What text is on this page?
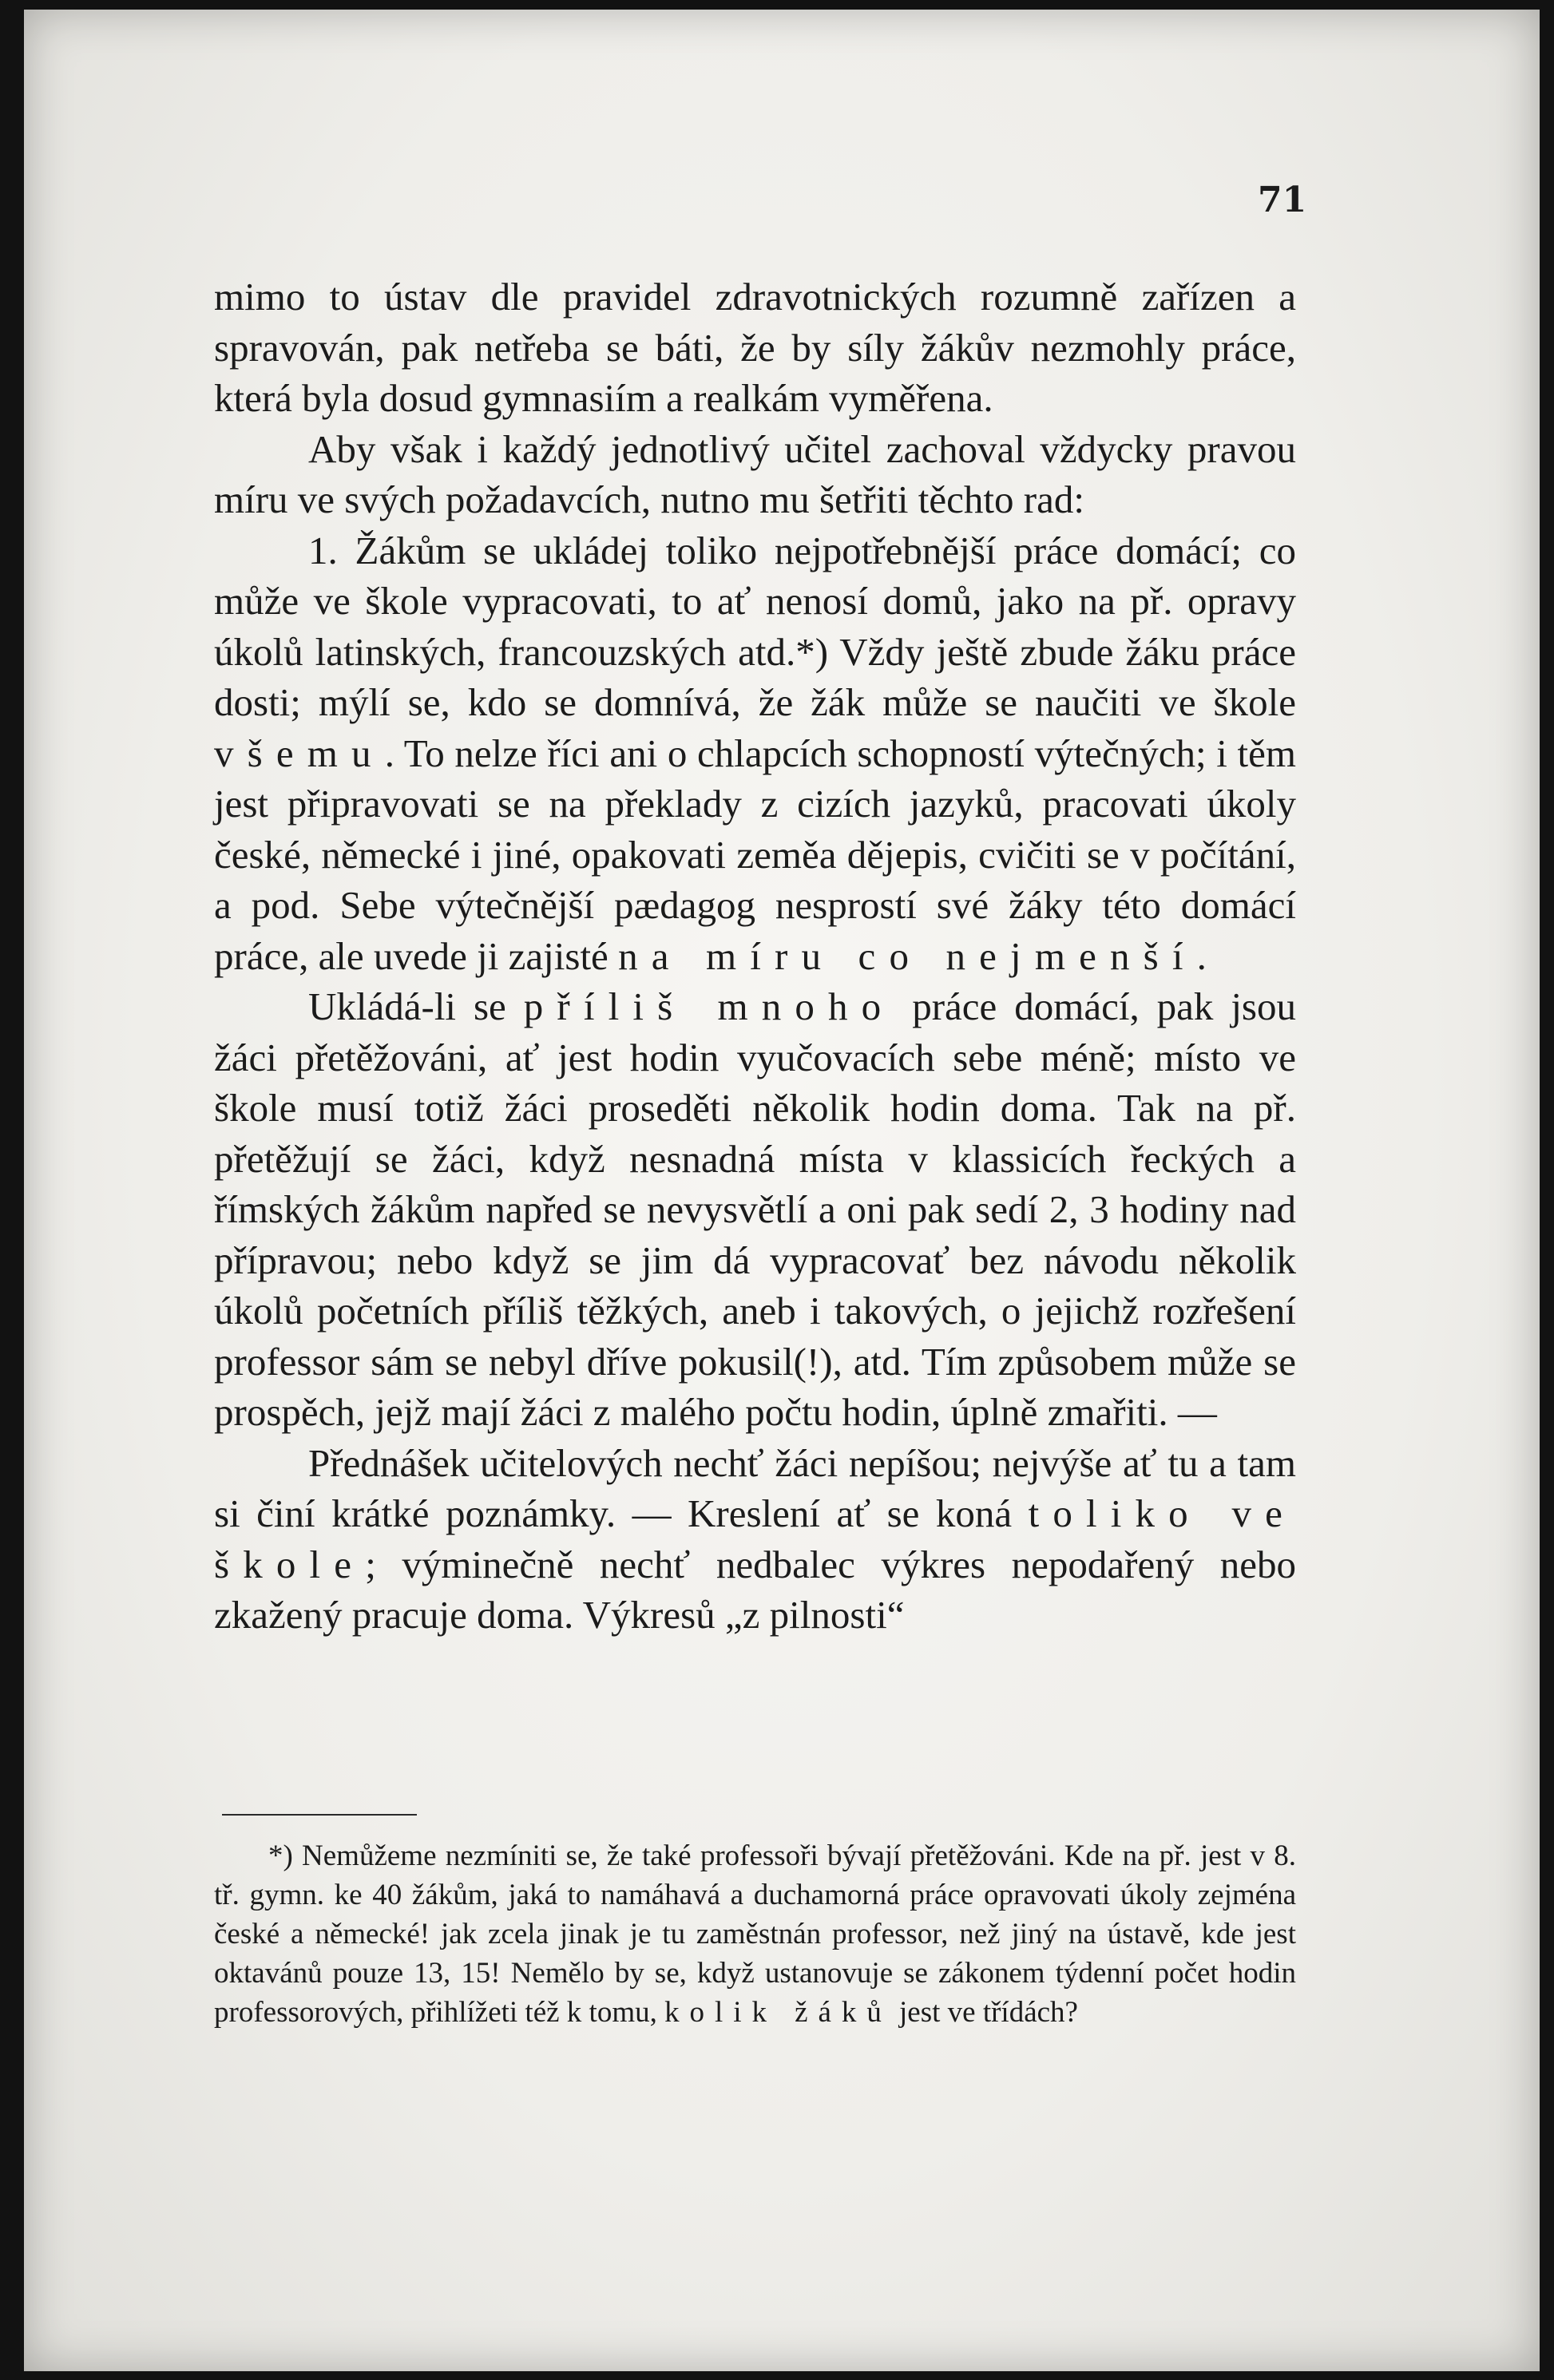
71

mimo to ústav dle pravidel zdravotnických rozumně zařízen a spravován, pak netřeba se báti, že by síly žákův nezmohly práce, která byla dosud gymnasiím a realkám vyměřena.

Aby však i každý jednotlivý učitel zachoval vždycky pravou míru ve svých požadavcích, nutno mu šetřiti těchto rad:

1. Žákům se ukládej toliko nejpotřebnější práce domácí; co může ve škole vypracovati, to ať nenosí domů, jako na př. opravy úkolů latinských, francouzských atd.*) Vždy ještě zbude žáku práce dosti; mýlí se, kdo se domnívá, že žák může se naučiti ve škole všemu. To nelze říci ani o chlapcích schopností výtečných; i těm jest připravovati se na překlady z cizích jazyků, pracovati úkoly české, německé i jiné, opakovati zeměa dějepis, cvičiti se v počítání, a pod. Sebe výtečnější pædagog nesprostí své žáky této domácí práce, ale uvede ji zajisté na míru co nejmenší.

Ukládá-li se příliš mnoho práce domácí, pak jsou žáci přetěžováni, ať jest hodin vyučovacích sebe méně; místo ve škole musí totiž žáci proseděti několik hodin doma. Tak na př. přetěžují se žáci, když nesnadná místa v klassicích řeckých a římských žákům napřed se nevysvětlí a oni pak sedí 2, 3 hodiny nad přípravou; nebo když se jim dá vypracovať bez návodu několik úkolů početních příliš těžkých, aneb i takových, o jejichž rozřešení professor sám se nebyl dříve pokusil(!), atd. Tím způsobem může se prospěch, jejž mají žáci z malého počtu hodin, úplně zmařiti. —

Přednášek učitelových nechť žáci nepíšou; nejvýše ať tu a tam si činí krátké poznámky. — Kreslení ať se koná toliko ve škole; výminečně nechť nedbalec výkres nepodařený nebo zkažený pracuje doma. Výkresů „z pilnosti“

*) Nemůžeme nezmíniti se, že také professoři bývají přetěžováni. Kde na př. jest v 8. tř. gymn. ke 40 žákům, jaká to namáhavá a duchamorná práce opravovati úkoly zejména české a německé! jak zcela jinak je tu zaměstnán professor, než jiný na ústavě, kde jest oktavánů pouze 13, 15! Nemělo by se, když ustanovuje se zákonem týdenní počet hodin professorových, přihlížeti též k tomu, kolik žáků jest ve třídách?
